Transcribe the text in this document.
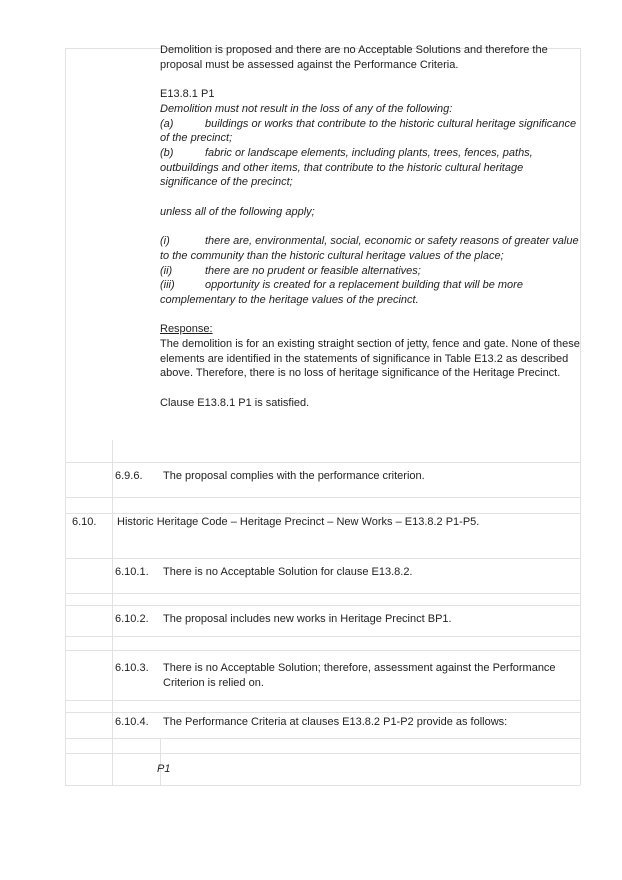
Demolition is proposed and there are no Acceptable Solutions and therefore the proposal must be assessed against the Performance Criteria.

E13.8.1 P1

Demolition must not result in the loss of any of the following:

(a)	buildings or works that contribute to the historic cultural heritage significance of the precinct;

(b)	fabric or landscape elements, including plants, trees, fences, paths, outbuildings and other items, that contribute to the historic cultural heritage significance of the precinct;

unless all of the following apply;

(i)	there are, environmental, social, economic or safety reasons of greater value to the community than the historic cultural heritage values of the place;

(ii)	there are no prudent or feasible alternatives;

(iii)	opportunity is created for a replacement building that will be more complementary to the heritage values of the precinct.

Response:

The demolition is for an existing straight section of jetty, fence and gate. None of these elements are identified in the statements of significance in Table E13.2 as described above. Therefore, there is no loss of heritage significance of the Heritage Precinct.

Clause E13.8.1 P1 is satisfied.

6.9.6. The proposal complies with the performance criterion.
6.10. Historic Heritage Code – Heritage Precinct – New Works – E13.8.2 P1-P5.
6.10.1. There is no Acceptable Solution for clause E13.8.2.
6.10.2. The proposal includes new works in Heritage Precinct BP1.
6.10.3. There is no Acceptable Solution; therefore, assessment against the Performance Criterion is relied on.
6.10.4. The Performance Criteria at clauses E13.8.2 P1-P2 provide as follows:
P1
